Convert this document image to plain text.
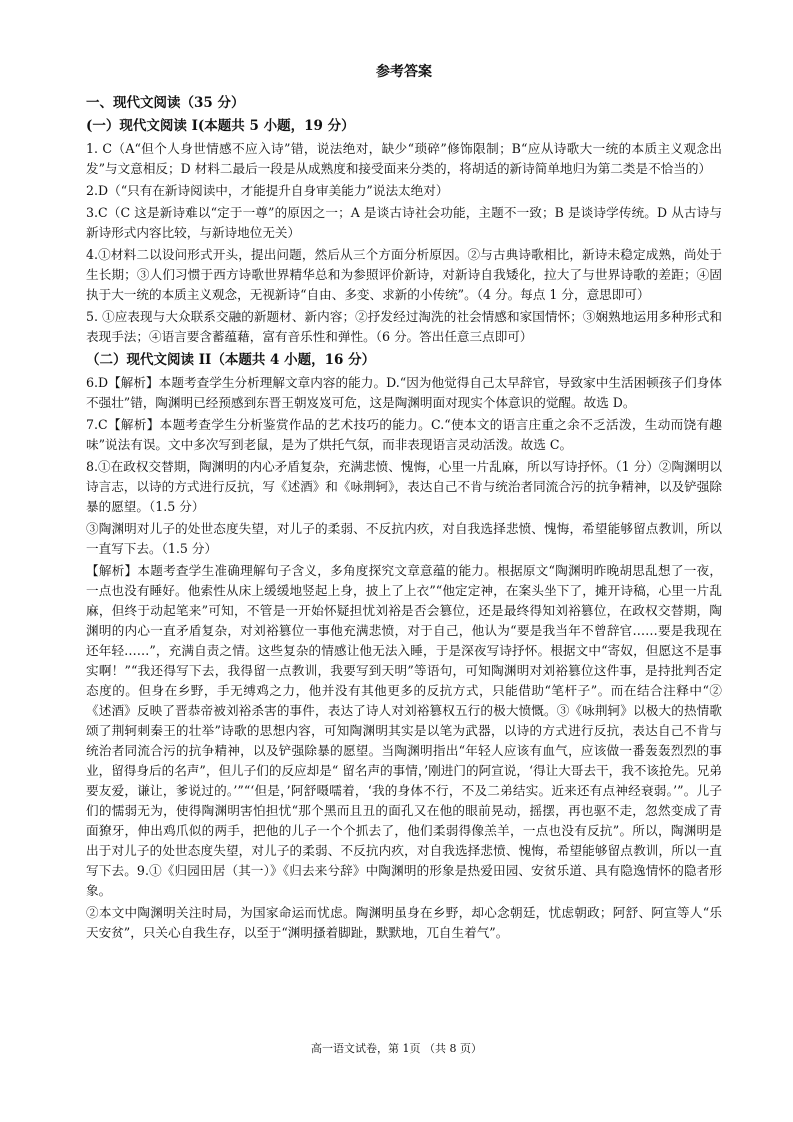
参考答案
一、现代文阅读（35 分）
(一）现代文阅读 I(本题共 5 小题，19 分）
1. C（A“但个人身世情感不应入诗”错，说法绝对，缺少“琐碎”修饰限制；B“应从诗歌大一统的本质主义观念出发”与文意相反；D 材料二最后一段是从成熟度和接受面来分类的，将胡适的新诗简单地归为第二类是不恰当的）
2.D（“只有在新诗阅读中，才能提升自身审美能力”说法太绝对）
3.C（C 这是新诗难以“定于一尊”的原因之一；A 是谈古诗社会功能，主题不一致；B 是谈诗学传统。D 从古诗与新诗形式内容比较，与新诗地位无关）
4.①材料二以设问形式开头，提出问题，然后从三个方面分析原因。②与古典诗歌相比，新诗未稳定成熟，尚处于生长期；③人们习惯于西方诗歌世界精华总和为参照评价新诗，对新诗自我矮化，拉大了与世界诗歌的差距；④固执于大一统的本质主义观念，无视新诗“自由、多变、求新的小传统”。（4 分。每点 1 分，意思即可）
5. ①应表现与大众联系交融的新题材、新内容；②抒发经过淘洗的社会情感和家国情怀；③娴熟地运用多种形式和表现手法；④语言要含蓄蕴藉，富有音乐性和弹性。（6 分。答出任意三点即可）
（二）现代文阅读 II（本题共 4 小题，16 分）
6.D【解析】本题考查学生分析理解文章内容的能力。D.“因为他觉得自己太早辞官，导致家中生活困顿孩子们身体不强壮”错，陶渊明已经预感到东晋王朝岌岌可危，这是陶渊明面对现实个体意识的觉醒。故选 D。
7.C【解析】本题考查学生分析鉴赏作品的艺术技巧的能力。C.“使本文的语言庄重之余不乏活泼，生动而饶有趣味”说法有误。文中多次写到老鼠，是为了烘托气氛，而非表现语言灵动活泼。故选 C。
8.①在政权交替期，陶渊明的内心矛盾复杂，充满悲愤、愧悔，心里一片乱麻，所以写诗抒怀。（1 分）②陶渊明以诗言志，以诗的方式进行反抗，写《述酒》和《咏荆轲》，表达自己不肯与统治者同流合污的抗争精神，以及铲强除暴的愿望。（1.5 分）
③陶渊明对儿子的处世态度失望，对儿子的柔弱、不反抗内疚，对自我选择悲愤、愧悔，希望能够留点教训，所以一直写下去。（1.5 分）
【解析】本题考查学生准确理解句子含义，多角度探究文章意蕴的能力。根据原文“陶渊明昨晚胡思乱想了一夜，一点也没有睡好。他索性从床上缓缓地竖起上身，披上了上衣”“他定定神，在案头坐下了，摊开诗稿，心里一片乱麻，但终于动起笔来”可知，不管是一开始怀疑担忧刘裕是否会篡位，还是最终得知刘裕篡位，在政权交替期，陶渊明的内心一直矛盾复杂，对刘裕篡位一事他充满悲愤，对于自己，他认为“要是我当年不曾辞官……要是我现在还年轻……”，充满自责之情。这些复杂的情感让他无法入睡，于是深夜写诗抒怀。根据文中“寄奴，但愿这不是事实啊！”“我还得写下去，我得留一点教训，我要写到天明”等语句，可知陶渊明对刘裕篡位这件事，是持批判否定态度的。但身在乡野，手无缚鸡之力，他并没有其他更多的反抗方式，只能借助“笔杆子”。而在结合注释中“②《述酒》反映了晋恭帝被刘裕杀害的事件，表达了诗人对刘裕篡权五行的极大愤慨。③《咏荆轲》以极大的热情歌颂了荆轲刺秦王的壮举”诗歌的思想内容，可知陶渊明其实是以笔为武器，以诗的方式进行反抗，表达自己不肯与统治者同流合污的抗争精神，以及铲强除暴的愿望。当陶渊明指出“年轻人应该有血气，应该做一番轰轰烈烈的事业，留得身后的名声”，但儿子们的反应却是“ 留名声的事情，’刚进门的阿宣说，‘得让大哥去干，我不该抢先。兄弟要友爱，谦让，爹说过的。’”“‘但是，’阿舒嗫嚅着，‘我的身体不行，不及二弟结实。近来还有点神经衰弱。’”。儿子们的懦弱无为，使得陶渊明害怕担忧“那个黑而且丑的面孔又在他的眼前晃动，摇摆，再也驱不走，忽然变成了青面獠牙，伸出鸡爪似的两手，把他的儿子一个个抓去了，他们柔弱得像羔羊，一点也没有反抗”。所以，陶渊明是出于对儿子的处世态度失望，对儿子的柔弱、不反抗内疚，对自我选择悲愤、愧悔，希望能够留点教训，所以一直写下去。9.①《归园田居（其一）》《归去来兮辞》中陶渊明的形象是热爱田园、安贫乐道、具有隐逸情怀的隐者形象。
②本文中陶渊明关注时局，为国家命运而忧虑。陶渊明虽身在乡野，却心念朝廷，忧虑朝政；阿舒、阿宣等人“乐天安贫”，只关心自我生存，以至于“渊明搔着脚趾，默默地，兀自生着气”。
高一语文试卷，第 1页 （共 8 页）
